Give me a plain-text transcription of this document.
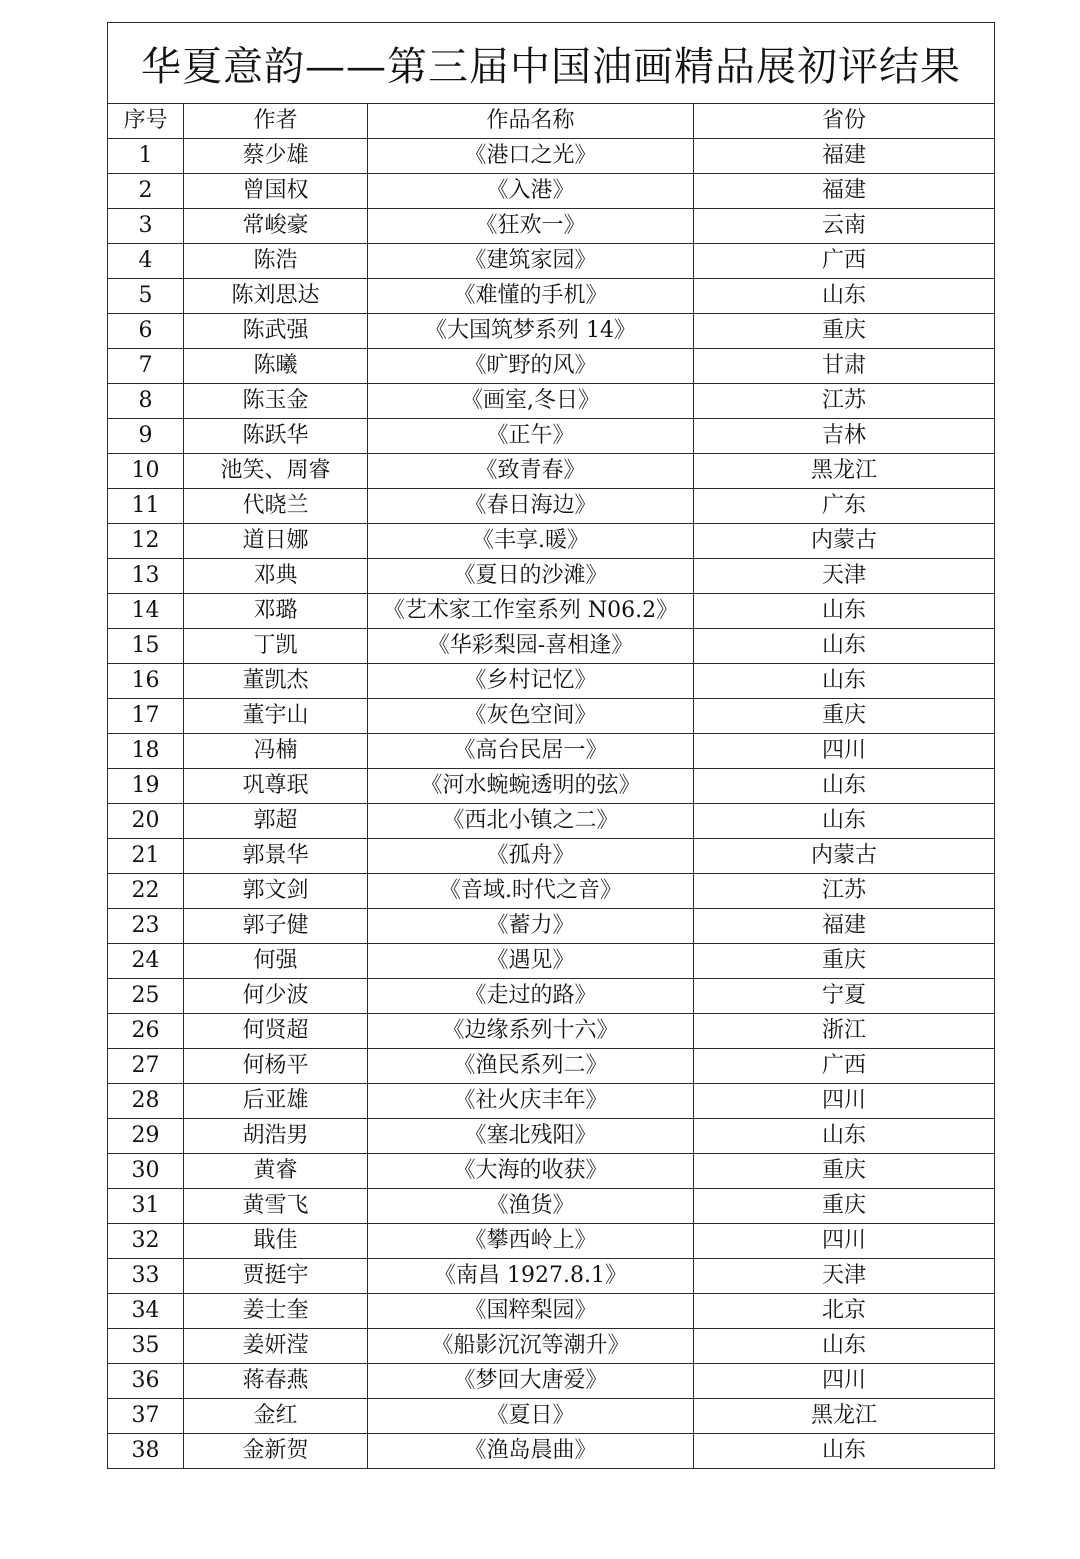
华夏意韵——第三届中国油画精品展初评结果			
序号	作者	作品名称	省份
1	蔡少雄	《港口之光》	福建
2	曾国权	《入港》	福建
3	常峻豪	《狂欢一》	云南
4	陈浩	《建筑家园》	广西
5	陈刘思达	《难懂的手机》	山东
6	陈武强	《大国筑梦系列 14》	重庆
7	陈曦	《旷野的风》	甘肃
8	陈玉金	《画室,冬日》	江苏
9	陈跃华	《正午》	吉林
10	池笑、周睿	《致青春》	黑龙江
11	代晓兰	《春日海边》	广东
12	道日娜	《丰享.暖》	内蒙古
13	邓典	《夏日的沙滩》	天津
14	邓璐	《艺术家工作室系列 N06.2》	山东
15	丁凯	《华彩梨园-喜相逢》	山东
16	董凯杰	《乡村记忆》	山东
17	董宇山	《灰色空间》	重庆
18	冯楠	《高台民居一》	四川
19	巩尊珉	《河水蜿蜿透明的弦》	山东
20	郭超	《西北小镇之二》	山东
21	郭景华	《孤舟》	内蒙古
22	郭文剑	《音域.时代之音》	江苏
23	郭子健	《蓄力》	福建
24	何强	《遇见》	重庆
25	何少波	《走过的路》	宁夏
26	何贤超	《边缘系列十六》	浙江
27	何杨平	《渔民系列二》	广西
28	后亚雄	《社火庆丰年》	四川
29	胡浩男	《塞北残阳》	山东
30	黄睿	《大海的收获》	重庆
31	黄雪飞	《渔货》	重庆
32	戢佳	《攀西岭上》	四川
33	贾挺宇	《南昌 1927.8.1》	天津
34	姜士奎	《国粹梨园》	北京
35	姜妍滢	《船影沉沉等潮升》	山东
36	蒋春燕	《梦回大唐爱》	四川
37	金红	《夏日》	黑龙江
38	金新贺	《渔岛晨曲》	山东
